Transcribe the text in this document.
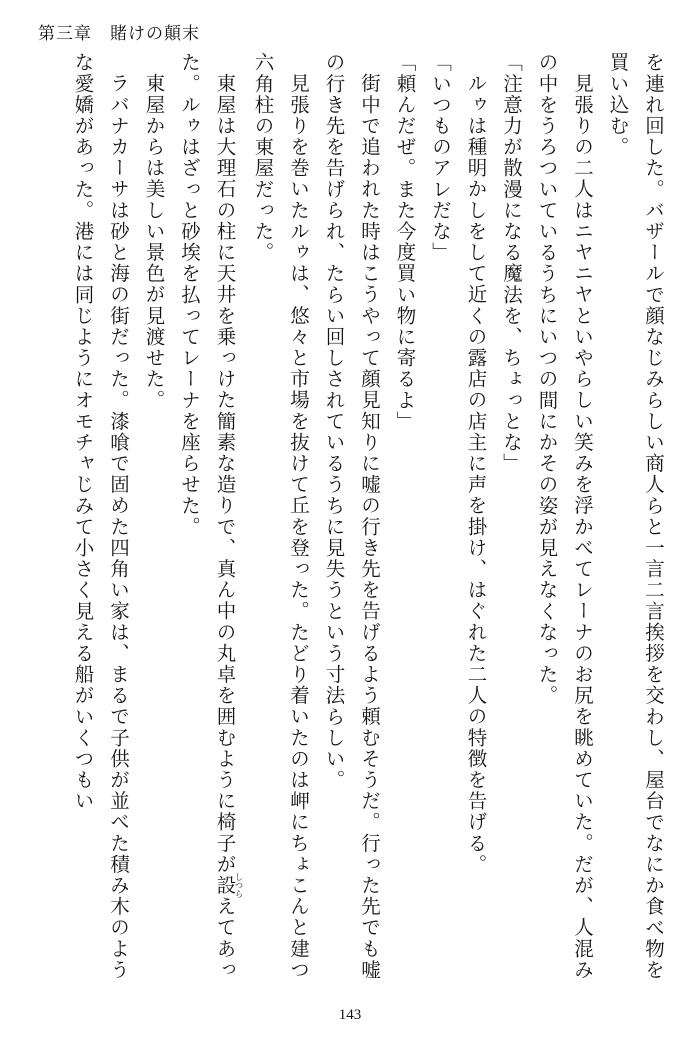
第三章　賭けの顛末

を連れ回した。バザールで顔なじみらしい商人らと一言二言挨拶を交わし、屋台でなにか食べ物を買い込む。

見張りの二人はニヤニヤといやらしい笑みを浮かべてレーナのお尻を眺めていた。だが、人混みの中をうろついているうちにいつの間にかその姿が見えなくなった。

「注意力が散漫になる魔法を、ちょっとな」

ルゥは種明かしをして近くの露店の店主に声を掛け、はぐれた二人の特徴を告げる。

「いつものアレだな」

「頼んだぜ。また今度買い物に寄るよ」

街中で追われた時はこうやって顔見知りに嘘の行き先を告げるよう頼むそうだ。行った先でも嘘の行き先を告げられ、たらい回しされているうちに見失うという寸法らしい。

見張りを巻いたルゥは、悠々と市場を抜けて丘を登った。たどり着いたのは岬にちょこんと建つ六角柱の東屋だった。

東屋は大理石の柱に天井を乗っけた簡素な造りで、真ん中の丸卓を囲むように椅子が設 しつらえてあった。ルゥはざっと砂埃を払ってレーナを座らせた。

東屋からは美しい景色が見渡せた。

ラバナカーサは砂と海の街だった。漆喰で固めた四角い家は、まるで子供が並べた積み木のような愛嬌があった。港には同じようにオモチャじみて小さく見える船がいくつもい

143
